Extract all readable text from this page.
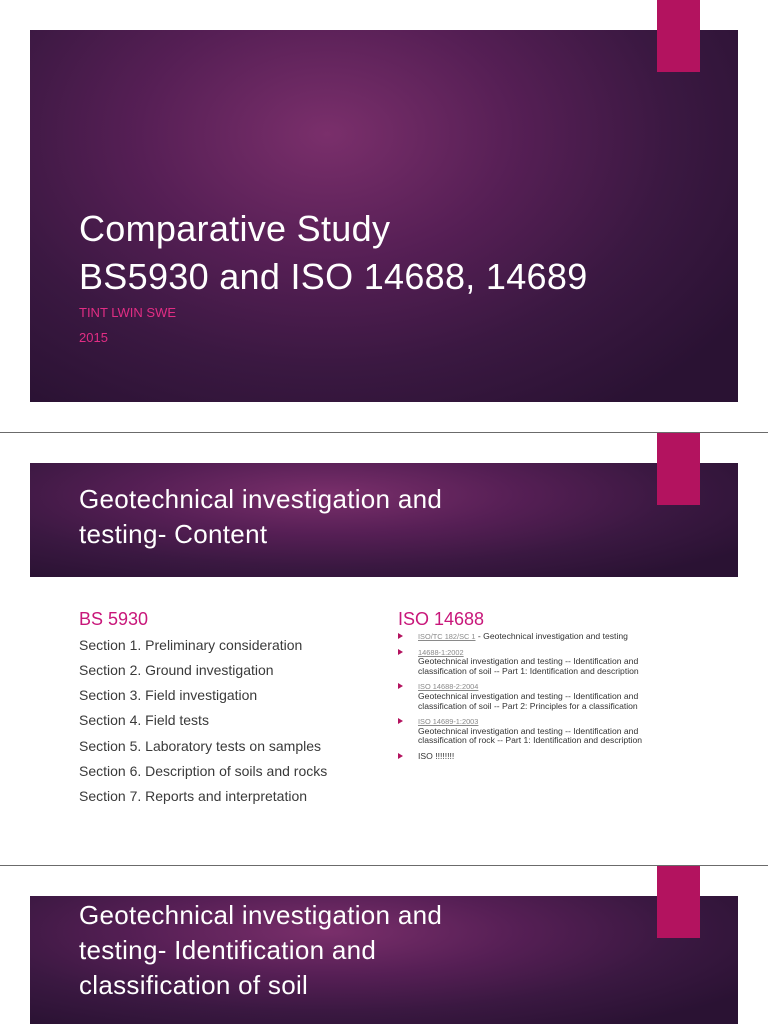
Comparative Study
BS5930 and ISO 14688, 14689

TINT LWIN SWE

2015

Geotechnical investigation and
testing- Content

BS 5930

Section 1. Preliminary consideration

Section 2. Ground investigation

Section 3. Field investigation

Section 4. Field tests

Section 5. Laboratory tests on samples

Section 6. Description of soils and rocks

Section 7. Reports and interpretation

ISO 14688

ISO/TC 182/SC 1 - Geotechnical investigation and testing
14688-1:2002
Geotechnical investigation and testing -- Identification and classification of soil -- Part 1: Identification and description
ISO 14688-2:2004
Geotechnical investigation and testing -- Identification and classification of soil -- Part 2: Principles for a classification
ISO 14689-1:2003
Geotechnical investigation and testing -- Identification and classification of rock -- Part 1: Identification and description
ISO !!!!!!!!
Geotechnical investigation and
testing- Identification and
classification of soil
